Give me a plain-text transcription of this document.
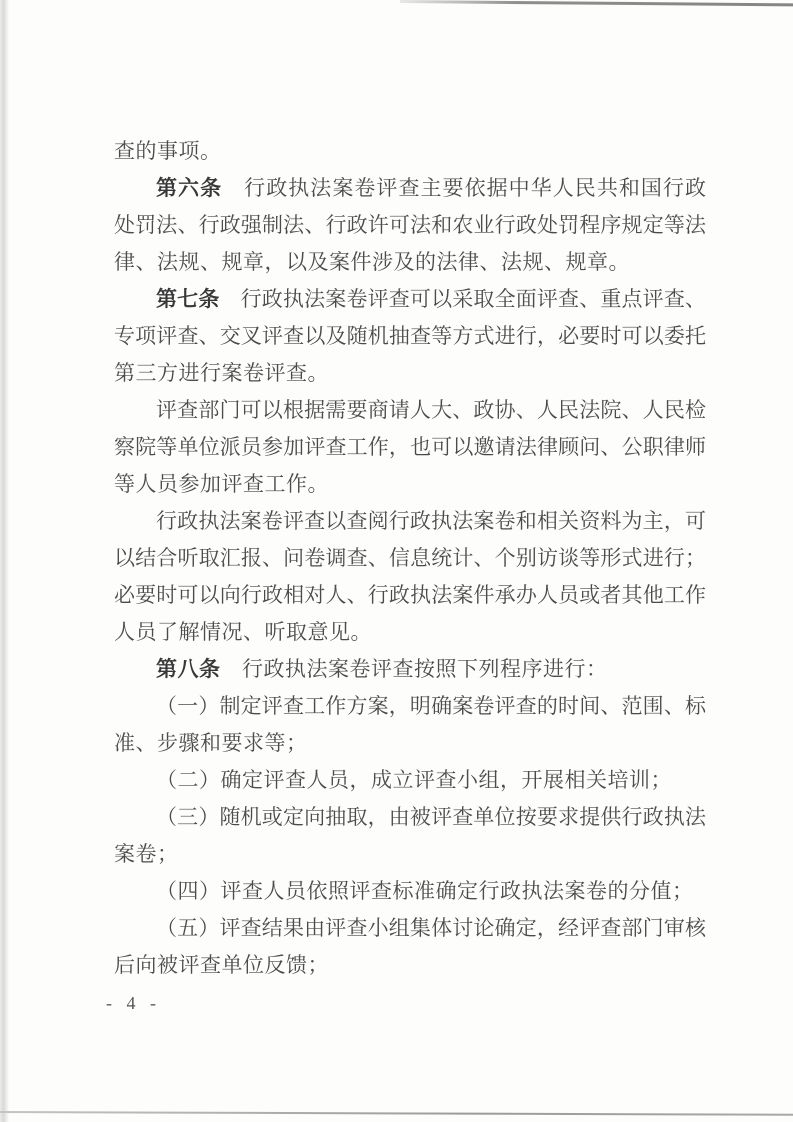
查的事项。
第六条　行政执法案卷评查主要依据中华人民共和国行政
处罚法、行政强制法、行政许可法和农业行政处罚程序规定等法
律、法规、规章，以及案件涉及的法律、法规、规章。
第七条　行政执法案卷评查可以采取全面评查、重点评查、
专项评查、交叉评查以及随机抽查等方式进行，必要时可以委托
第三方进行案卷评查。
评查部门可以根据需要商请人大、政协、人民法院、人民检
察院等单位派员参加评查工作，也可以邀请法律顾问、公职律师
等人员参加评查工作。
行政执法案卷评查以查阅行政执法案卷和相关资料为主，可
以结合听取汇报、问卷调查、信息统计、个别访谈等形式进行；
必要时可以向行政相对人、行政执法案件承办人员或者其他工作
人员了解情况、听取意见。
第八条　行政执法案卷评查按照下列程序进行：
（一）制定评查工作方案，明确案卷评查的时间、范围、标
准、步骤和要求等；
（二）确定评查人员，成立评查小组，开展相关培训；
（三）随机或定向抽取，由被评查单位按要求提供行政执法
案卷；
（四）评查人员依照评查标准确定行政执法案卷的分值；
（五）评查结果由评查小组集体讨论确定，经评查部门审核
后向被评查单位反馈；
- 4 -
